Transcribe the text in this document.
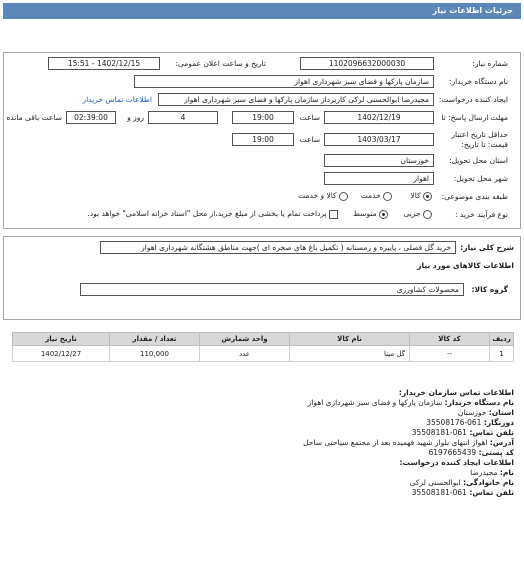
جزئیات اطلاعات نیاز
شماره نیاز:
1102096632000030
تاریخ و ساعت اعلان عمومی:
1402/12/15 - 15:51
نام دستگاه خریدار:
سازمان پارکها و فضای سبز شهرداری اهواز
ایجاد کننده درخواست:
مجیدرضا ابوالحسنی لرکی کاربرداز سازمان پارکها و فضای سبز شهرداری اهواز
اطلاعات تماس خریدار
مهلت ارسال پاسخ: تا
1402/12/19
ساعت
19:00
4
روز و
02:39:00
ساعت باقی مانده
حداقل تاریخ اعتبار
قیمت: تا تاریخ:
1403/03/17
ساعت
19:00
استان محل تحویل:
خوزستان
شهر محل تحویل:
اهواز
طبقه بندی موضوعی:
کالا
خدمت
کالا و خدمت
نوع فرآیند خرید :
جزیی
متوسط
پرداخت تمام یا بخشی از مبلغ خرید،از محل "اسناد خزانه اسلامی" خواهد بود.
شرح کلی نیاز:
خرید گل فصلی ، پاییزه و زمستانه ( تکمیل باغ های صخره ای )جهت مناطق هشتگانه شهرداری اهواز
اطلاعات کالاهای مورد نیاز
گروه کالا:
محصولات کشاورزی
ردیف	کد کالا	نام کالا	واحد شمارش	تعداد / مقدار	تاریخ نیاز
1	--	گل مینا	عدد	110,000	1402/12/27
اطلاعات تماس سازمان خریدار:
نام دستگاه خریدار: سازمان پارکها و فضای سبز شهرداری اهواز
استان: خوزستان
دورنگار: 061-35508176
تلفن تماس: 061-35508181
آدرس: اهواز انتهای بلوار شهید فهمیده بعد از مجتمع سیاحتی ساحل
کد پستی: 6197665439
اطلاعات ایجاد کننده درخواست:
نام: مجیدرضا
نام خانوادگی: ابوالحسنی لرکی
تلفن تماس: 061-35508181
